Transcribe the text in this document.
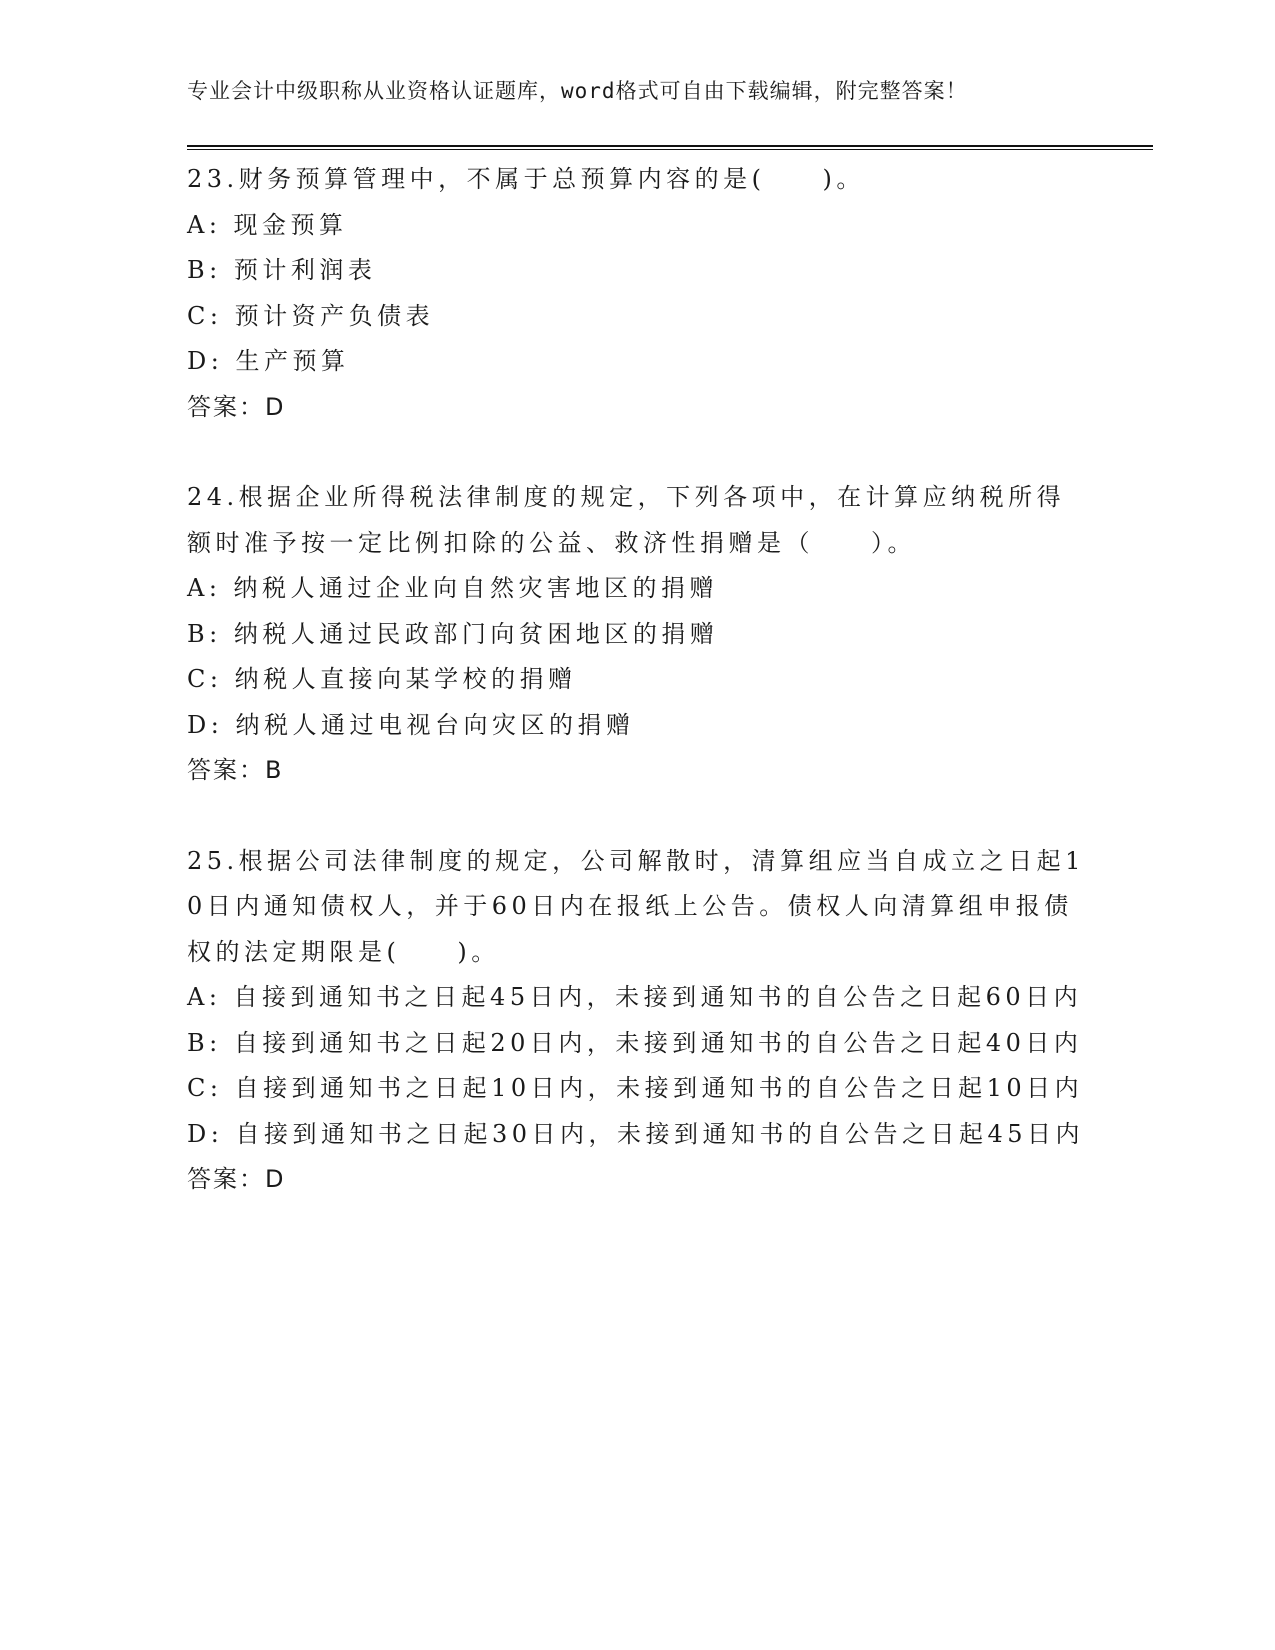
专业会计中级职称从业资格认证题库，word格式可自由下载编辑，附完整答案！
23.财务预算管理中，不属于总预算内容的是(　　)。
A: 现金预算
B: 预计利润表
C: 预计资产负债表
D: 生产预算
答案：D
24.根据企业所得税法律制度的规定，下列各项中，在计算应纳税所得额时准予按一定比例扣除的公益、救济性捐赠是（　　）。
A: 纳税人通过企业向自然灾害地区的捐赠
B: 纳税人通过民政部门向贫困地区的捐赠
C: 纳税人直接向某学校的捐赠
D: 纳税人通过电视台向灾区的捐赠
答案：B
25.根据公司法律制度的规定，公司解散时，清算组应当自成立之日起10日内通知债权人，并于60日内在报纸上公告。债权人向清算组申报债权的法定期限是(　　)。
A: 自接到通知书之日起45日内，未接到通知书的自公告之日起60日内
B: 自接到通知书之日起20日内，未接到通知书的自公告之日起40日内
C: 自接到通知书之日起10日内，未接到通知书的自公告之日起10日内
D: 自接到通知书之日起30日内，未接到通知书的自公告之日起45日内
答案：D
